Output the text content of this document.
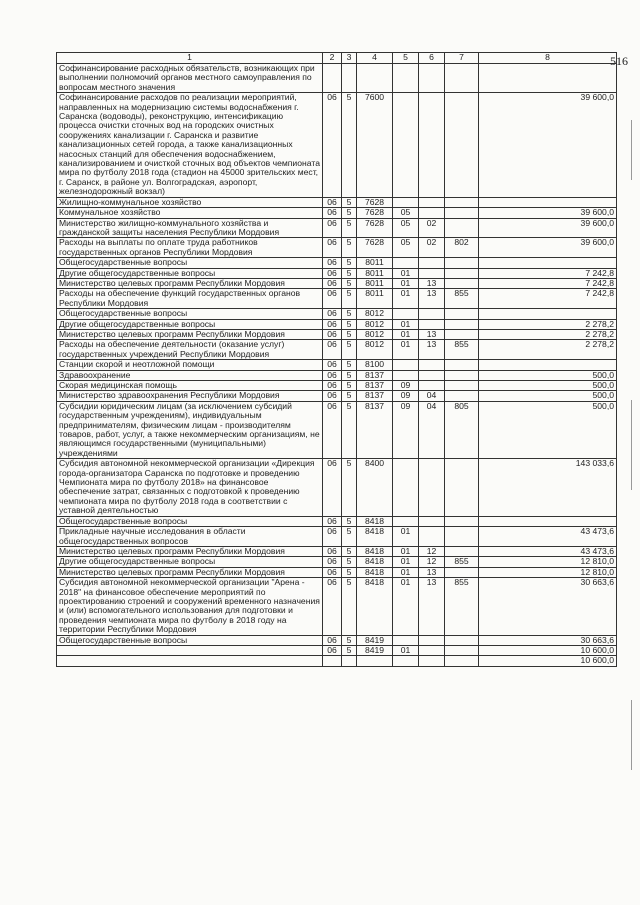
516
1	2	3	4	5	6	7	8
Софинансирование расходных обязательств, возникающих при выполнении полномочий органов местного самоуправления по вопросам местного значения							
Софинансирование расходов по реализации мероприятий, направленных на модернизацию системы водоснабжения г. Саранска (водоводы), реконструкцию, интенсификацию процесса очистки сточных вод на городских очистных сооружениях канализации г. Саранска и развитие канализационных сетей города, а также канализационных насосных станций для обеспечения водоснабжением, канализированием и очисткой сточных вод объектов чемпионата мира по футболу 2018 года (стадион на 45000 зрительских мест, г. Саранск, в районе ул. Волгоградская, аэропорт, железнодорожный вокзал)	06	5	7600				39 600,0
Жилищно-коммунальное хозяйство	06	5	7628				
Коммунальное хозяйство	06	5	7628	05			39 600,0
Министерство жилищно-коммунального хозяйства и гражданской защиты населения Республики Мордовия	06	5	7628	05	02		39 600,0
Расходы на выплаты по оплате труда работников государственных органов Республики Мордовия	06	5	7628	05	02	802	39 600,0
Общегосударственные вопросы	06	5	8011				
Другие общегосударственные вопросы	06	5	8011	01			7 242,8
Министерство целевых программ Республики Мордовия	06	5	8011	01	13		7 242,8
Расходы на обеспечение функций государственных органов Республики Мордовия	06	5	8011	01	13	855	7 242,8
Общегосударственные вопросы	06	5	8012				
Другие общегосударственные вопросы	06	5	8012	01			2 278,2
Министерство целевых программ Республики Мордовия	06	5	8012	01	13		2 278,2
Расходы на обеспечение деятельности (оказание услуг) государственных учреждений Республики Мордовия	06	5	8012	01	13	855	2 278,2
Станции скорой и неотложной помощи	06	5	8100				
Здравоохранение	06	5	8137				500,0
Скорая медицинская помощь	06	5	8137	09			500,0
Министерство здравоохранения Республики Мордовия	06	5	8137	09	04		500,0
Субсидии юридическим лицам (за исключением субсидий государственным учреждениям), индивидуальным предпринимателям, физическим лицам - производителям товаров, работ, услуг, а также некоммерческим организациям, не являющимся государственными (муниципальными) учреждениями	06	5	8137	09	04	805	500,0
Субсидия автономной некоммерческой организации «Дирекция города-организатора Саранска по подготовке и проведению Чемпионата мира по футболу 2018» на финансовое обеспечение затрат, связанных с подготовкой к проведению чемпионата мира по футболу 2018 года в соответствии с уставной деятельностью	06	5	8400				143 033,6
Общегосударственные вопросы	06	5	8418				
Прикладные научные исследования в области общегосударственных вопросов	06	5	8418	01			43 473,6
Министерство целевых программ Республики Мордовия	06	5	8418	01	12		43 473,6
Другие общегосударственные вопросы	06	5	8418	01	12	855	12 810,0
Министерство целевых программ Республики Мордовия	06	5	8418	01	13		12 810,0
Субсидия автономной некоммерческой организации "Арена - 2018" на финансовое обеспечение мероприятий по проектированию строений и сооружений временного назначения и (или) вспомогательного использования для подготовки и проведения чемпионата мира по футболу в 2018 году на территории Республики Мордовия	06	5	8418	01	13	855	30 663,6
Общегосударственные вопросы	06	5	8419				30 663,6
	06	5	8419	01			10 600,0
							10 600,0
